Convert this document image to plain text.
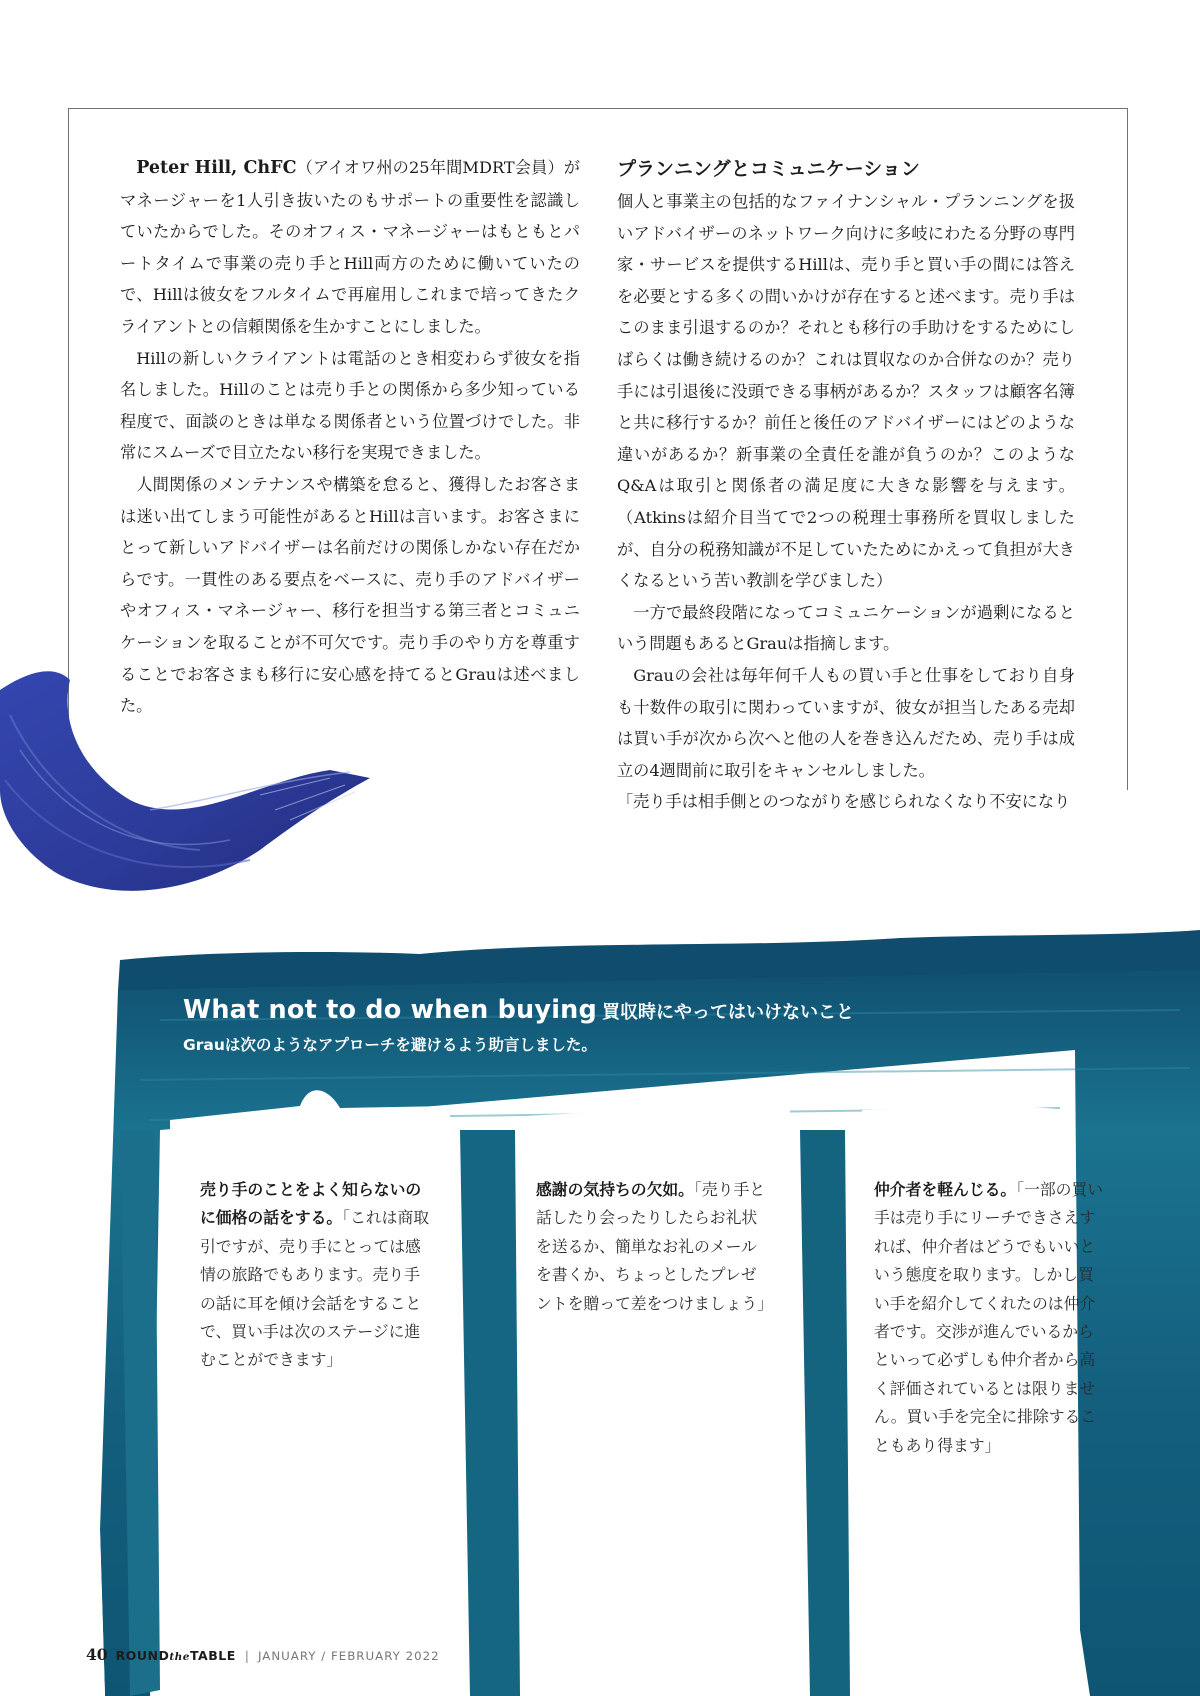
Peter Hill, ChFC（アイオワ州の25年間MDRT会員）がマネージャーを1人引き抜いたのもサポートの重要性を認識していたからでした。そのオフィス・マネージャーはもともとパートタイムで事業の売り手とHill両方のために働いていたので、Hillは彼女をフルタイムで再雇用しこれまで培ってきたクライアントとの信頼関係を生かすことにしました。

Hillの新しいクライアントは電話のとき相変わらず彼女を指名しました。Hillのことは売り手との関係から多少知っている程度で、面談のときは単なる関係者という位置づけでした。非常にスムーズで目立たない移行を実現できました。

人間関係のメンテナンスや構築を怠ると、獲得したお客さまは迷い出てしまう可能性があるとHillは言います。お客さまにとって新しいアドバイザーは名前だけの関係しかない存在だからです。一貫性のある要点をベースに、売り手のアドバイザーやオフィス・マネージャー、移行を担当する第三者とコミュニケーションを取ることが不可欠です。売り手のやり方を尊重することでお客さまも移行に安心感を持てるとGrauは述べました。

プランニングとコミュニケーション

個人と事業主の包括的なファイナンシャル・プランニングを扱いアドバイザーのネットワーク向けに多岐にわたる分野の専門家・サービスを提供するHillは、売り手と買い手の間には答えを必要とする多くの問いかけが存在すると述べます。売り手はこのまま引退するのか？それとも移行の手助けをするためにしばらくは働き続けるのか？これは買収なのか合併なのか？売り手には引退後に没頭できる事柄があるか？スタッフは顧客名簿と共に移行するか？前任と後任のアドバイザーにはどのような違いがあるか？新事業の全責任を誰が負うのか？このようなQ&Aは取引と関係者の満足度に大きな影響を与えます。（Atkinsは紹介目当てで2つの税理士事務所を買収しましたが、自分の税務知識が不足していたためにかえって負担が大きくなるという苦い教訓を学びました）

一方で最終段階になってコミュニケーションが過剰になるという問題もあるとGrauは指摘します。

Grauの会社は毎年何千人もの買い手と仕事をしており自身も十数件の取引に関わっていますが、彼女が担当したある売却は買い手が次から次へと他の人を巻き込んだため、売り手は成立の4週間前に取引をキャンセルしました。

「売り手は相手側とのつながりを感じられなくなり不安になり

What not to do when buying 買収時にやってはいけないこと
Grauは次のようなアプローチを避けるよう助言しました。
売り手のことをよく知らないのに価格の話をする。「これは商取引ですが、売り手にとっては感情の旅路でもあります。売り手の話に耳を傾け会話をすることで、買い手は次のステージに進むことができます」
感謝の気持ちの欠如。「売り手と話したり会ったりしたらお礼状を送るか、簡単なお礼のメールを書くか、ちょっとしたプレゼントを贈って差をつけましょう」
仲介者を軽んじる。「一部の買い手は売り手にリーチできさえすれば、仲介者はどうでもいいという態度を取ります。しかし買い手を紹介してくれたのは仲介者です。交渉が進んでいるからといって必ずしも仲介者から高く評価されているとは限りません。買い手を完全に排除することもあり得ます」
40 ROUNDtheTABLE | JANUARY / FEBRUARY 2022
